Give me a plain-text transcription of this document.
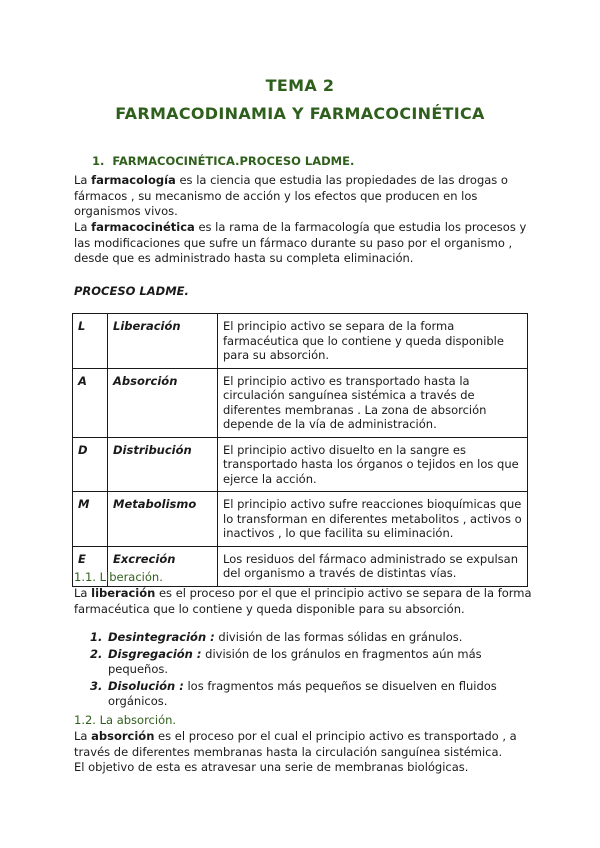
TEMA 2
FARMACODINAMIA Y FARMACOCINÉTICA
1. FARMACOCINÉTICA.PROCESO LADME.
La farmacología es la ciencia que estudia las propiedades de las drogas o fármacos , su mecanismo de acción y los efectos que producen en los organismos vivos.
La farmacocinética es la rama de la farmacología que estudia los procesos y las modificaciones que sufre un fármaco durante su paso por el organismo , desde que es administrado hasta su completa eliminación.
PROCESO LADME.
L	Liberación	El principio activo se separa de la forma farmacéutica que lo contiene y queda disponible para su absorción.
A	Absorción	El principio activo es transportado hasta la circulación sanguínea sistémica a través de diferentes membranas . La zona de absorción depende de la vía de administración.
D	Distribución	El principio activo disuelto en la sangre es transportado hasta los órganos o tejidos en los que ejerce la acción.
M	Metabolismo	El principio activo sufre reacciones bioquímicas que lo transforman en diferentes metabolitos , activos o inactivos , lo que facilita su eliminación.
E	Excreción	Los residuos del fármaco administrado se expulsan del organismo a través de distintas vías.
1.1. Liberación.
La liberación es el proceso por el que el principio activo se separa de la forma farmacéutica que lo contiene y queda disponible para su absorción.
1. Desintegración : división de las formas sólidas en gránulos.
2. Disgregación : división de los gránulos en fragmentos aún más pequeños.
3. Disolución : los fragmentos más pequeños se disuelven en fluidos orgánicos.
1.2. La absorción.
La absorción es el proceso por el cual el principio activo es transportado , a través de diferentes membranas hasta la circulación sanguínea sistémica.
El objetivo de esta es atravesar una serie de membranas biológicas.
